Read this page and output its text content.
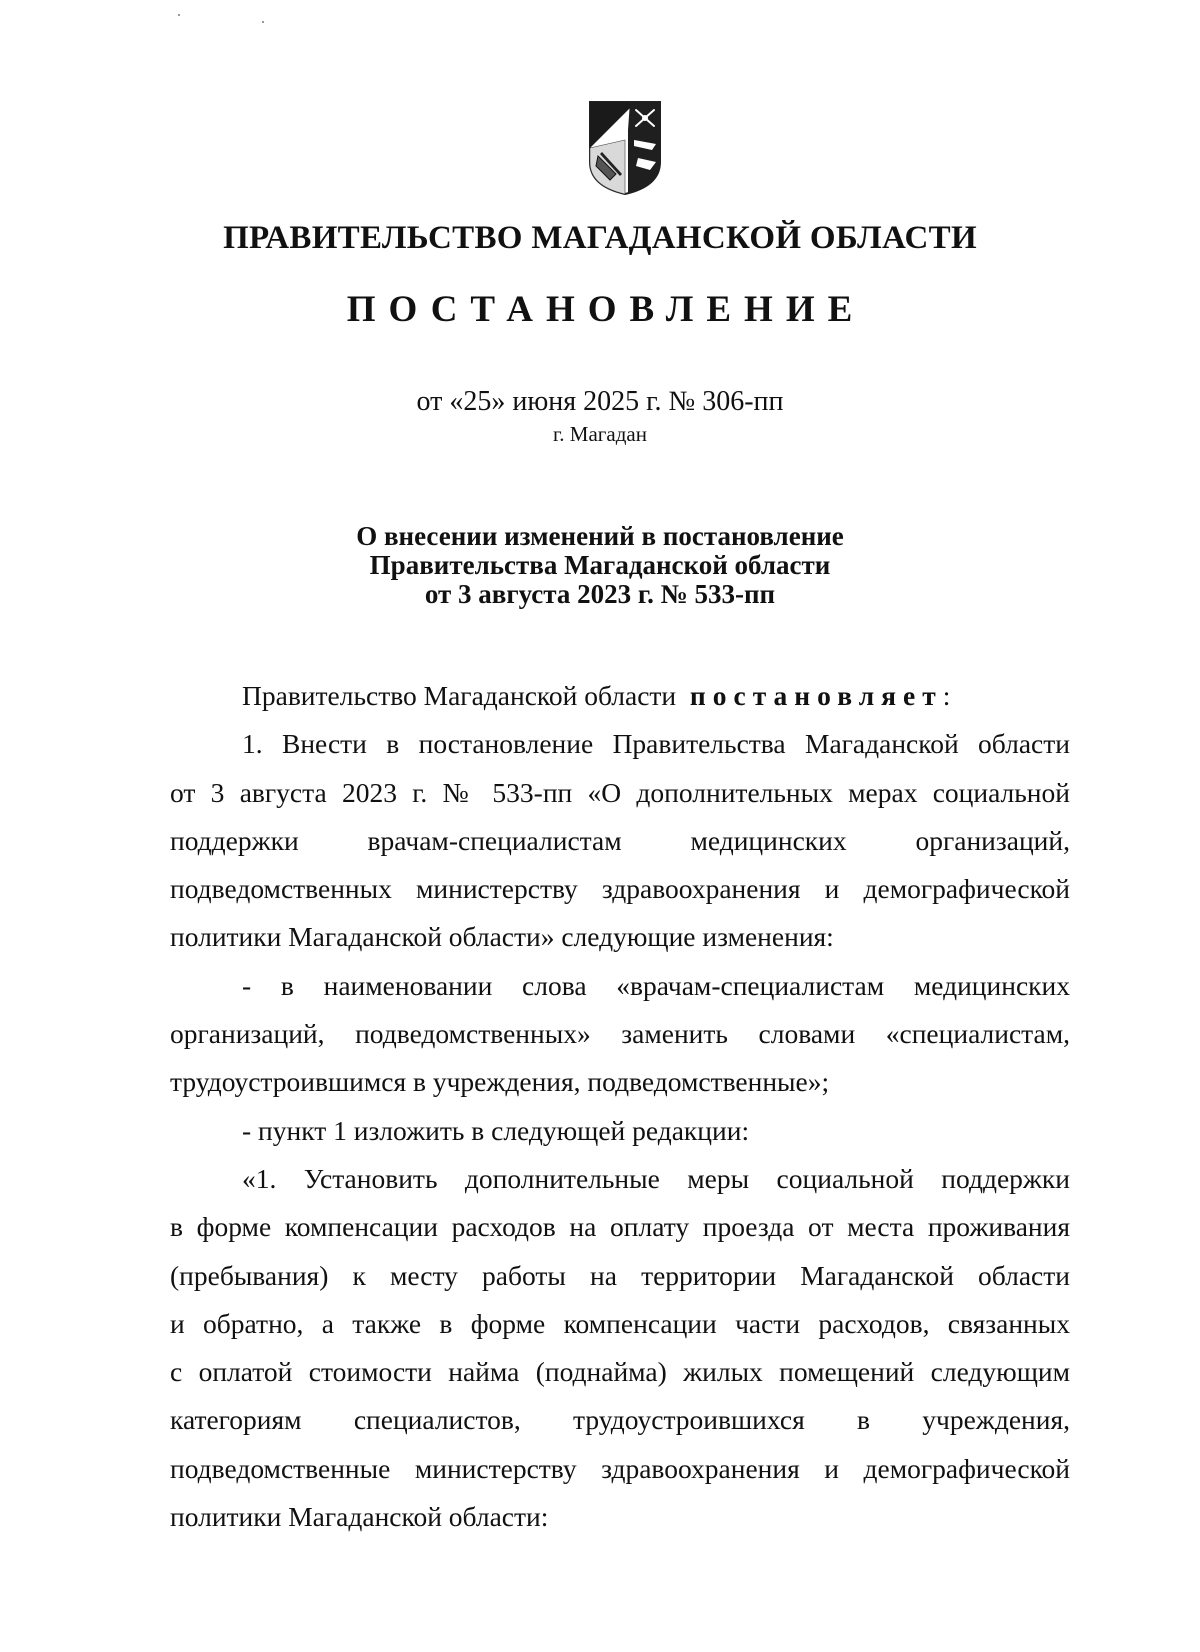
ПРАВИТЕЛЬСТВО МАГАДАНСКОЙ ОБЛАСТИ
ПОСТАНОВЛЕНИЕ
от «25» июня 2025 г. № 306-пп
г. Магадан
О внесении изменений в постановление
Правительства Магаданской области
от 3 августа 2023 г. № 533-пп
Правительство Магаданской области постановляет:
1. Внести в постановление Правительства Магаданской области
от 3 августа 2023 г. № 533-пп «О дополнительных мерах социальной
поддержки врачам-специалистам медицинских организаций,
подведомственных министерству здравоохранения и демографической
политики Магаданской области» следующие изменения:
- в наименовании слова «врачам-специалистам медицинских
организаций, подведомственных» заменить словами «специалистам,
трудоустроившимся в учреждения, подведомственные»;
- пункт 1 изложить в следующей редакции:
«1. Установить дополнительные меры социальной поддержки
в форме компенсации расходов на оплату проезда от места проживания
(пребывания) к месту работы на территории Магаданской области
и обратно, а также в форме компенсации части расходов, связанных
с оплатой стоимости найма (поднайма) жилых помещений следующим
категориям специалистов, трудоустроившихся в учреждения,
подведомственные министерству здравоохранения и демографической
политики Магаданской области:
